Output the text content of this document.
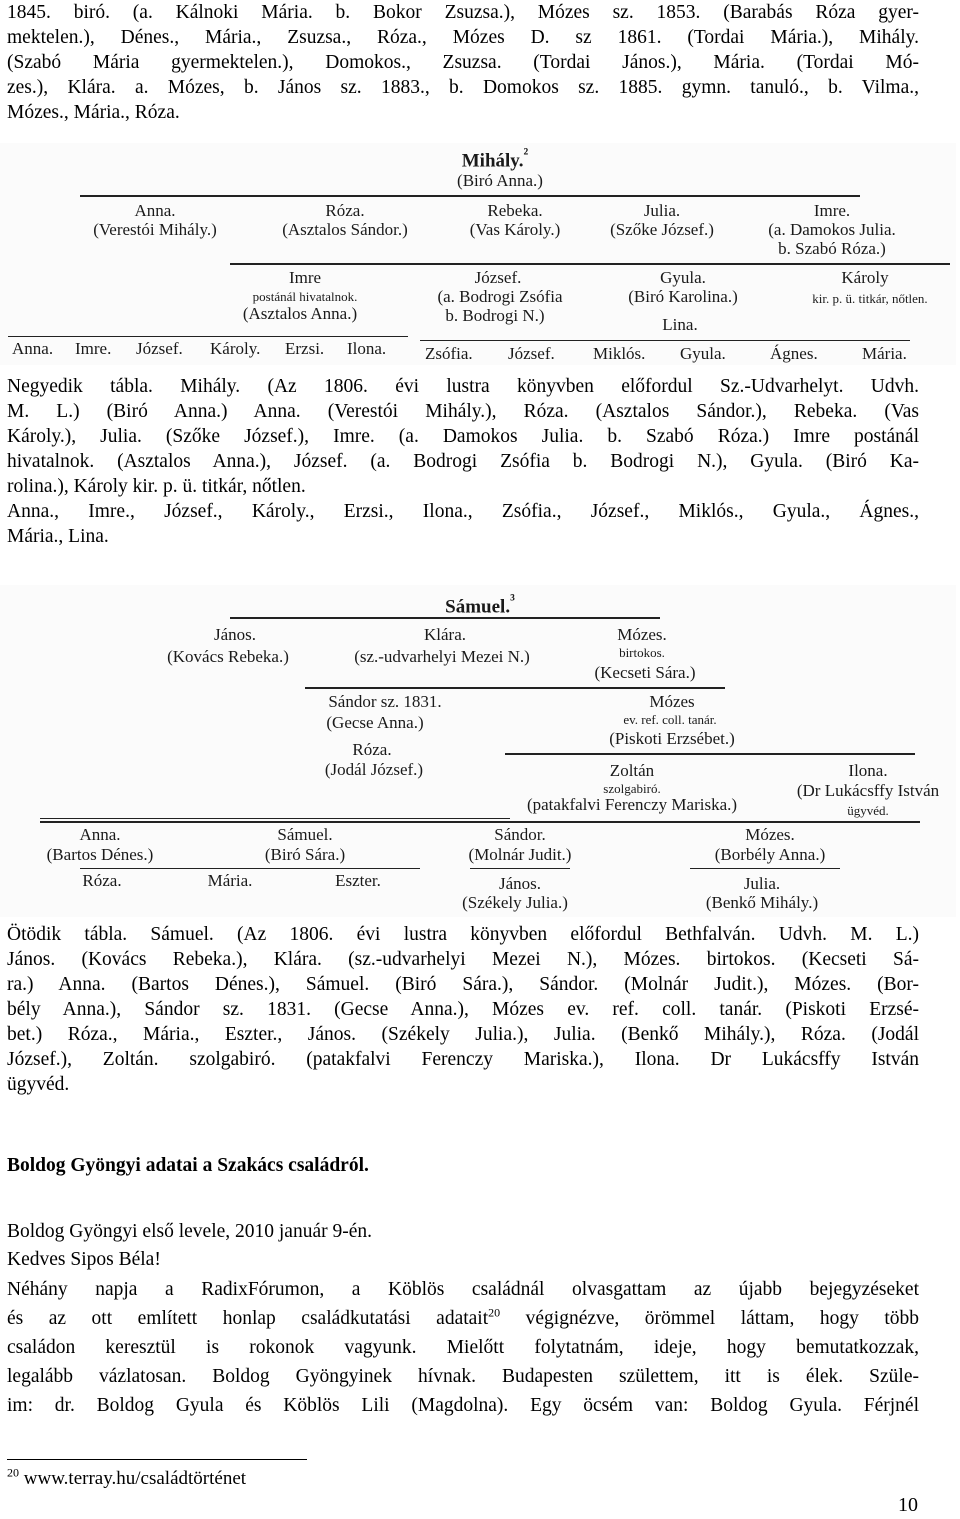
1845. biró. (a. Kálnoki Mária. b. Bokor Zsuzsa.), Mózes sz. 1853. (Barabás Róza gyer-

mektelen.), Dénes., Mária., Zsuzsa., Róza., Mózes D. sz 1861. (Tordai Mária.), Mihály.

(Szabó Mária gyermektelen.), Domokos., Zsuzsa. (Tordai János.), Mária. (Tordai Mó-

zes.), Klára. a. Mózes, b. János sz. 1883., b. Domokos sz. 1885. gymn. tanuló., b. Vilma.,

Mózes., Mária., Róza.

Mihály.$^{^2}$
(Biró Anna.)
Anna.
(Verestói Mihály.)
Róza.
(Asztalos Sándor.)
Rebeka.
(Vas Károly.)
Julia.
(Szőke József.)
Imre.
(a. Damokos Julia.
b. Szabó Róza.)
Imre
postánál hivatalnok.
(Asztalos Anna.)
József.
(a. Bodrogi Zsófia
b. Bodrogi N.)
Gyula.
(Biró Karolina.)
Lina.
Károly
kir. p. ü. titkár, nőtlen.
Anna. Imre. József. Károly. Erzsi. Ilona. Zsófia. József. Miklós. Gyula.	Ágnes.	Mária.

Negyedik tábla. Mihály. (Az 1806. évi lustra könyvben előfordul Sz.-Udvarhelyt. Udvh.

M. L.) (Biró Anna.) Anna. (Verestói Mihály.), Róza. (Asztalos Sándor.), Rebeka. (Vas

Károly.), Julia. (Szőke József.), Imre. (a. Damokos Julia. b. Szabó Róza.) Imre postánál

hivatalnok. (Asztalos Anna.), József. (a. Bodrogi Zsófia b. Bodrogi N.), Gyula. (Biró Ka-

rolina.), Károly kir. p. ü. titkár, nőtlen.

Anna., Imre., József., Károly., Erzsi., Ilona., Zsófia., József., Miklós., Gyula., Ágnes.,

Mária., Lina.

Sámuel.$^{^3}$
János.
(Kovács Rebeka.)
Klára.
(sz.-udvarhelyi Mezei N.)
Mózes.
birtokos.
(Kecseti Sára.)
Sándor sz. 1831.
(Gecse Anna.)
Róza.
(Jodál József.)
Mózes
ev. ref. coll. tanár.
(Piskoti Erzsébet.)
Zoltán
szolgabiró.
(patakfalvi Ferenczy Mariska.)
Ilona.
(Dr Lukácsffy István
ügyvéd.
Anna.
(Bartos Dénes.)
Sámuel.
(Biró Sára.)
Sándor.
(Molnár Judit.)
Mózes.
(Borbély Anna.)
Róza.	Mária.	Eszter.	János.
(Székely Julia.)
Julia.
(Benkő Mihály.)

Ötödik tábla. Sámuel. (Az 1806. évi lustra könyvben előfordul Bethfalván. Udvh. M. L.)

János. (Kovács Rebeka.), Klára. (sz.-udvarhelyi Mezei N.), Mózes. birtokos. (Kecseti Sá-

ra.) Anna. (Bartos Dénes.), Sámuel. (Biró Sára.), Sándor. (Molnár Judit.), Mózes. (Bor-

bély Anna.), Sándor sz. 1831. (Gecse Anna.), Mózes ev. ref. coll. tanár. (Piskoti Erzsé-

bet.) Róza., Mária., Eszter., János. (Székely Julia.), Julia. (Benkő Mihály.), Róza. (Jodál

József.), Zoltán. szolgabiró. (patakfalvi Ferenczy Mariska.), Ilona. Dr Lukácsffy István

ügyvéd.

Boldog Gyöngyi adatai a Szakács családról.
Boldog Gyöngyi első levele, 2010 január 9-én.
Kedves Sipos Béla!

Néhány napja a RadixFórumon, a Köblös családnál olvasgattam az újabb bejegyzéseket

és az ott említett honlap családkutatási adatait$^{20}$ végignézve, örömmel láttam, hogy több

családon keresztül is rokonok vagyunk. Mielőtt folytatnám, ideje, hogy bemutatkozzak,

legalább vázlatosan. Boldog Gyöngyinek hívnak. Budapesten születtem, itt is élek. Szüle-

im: dr. Boldog Gyula és Köblös Lili (Magdolna). Egy öcsém van: Boldog Gyula. Férjnél

$^{20}$ www.terray.hu/családtörténet
10
